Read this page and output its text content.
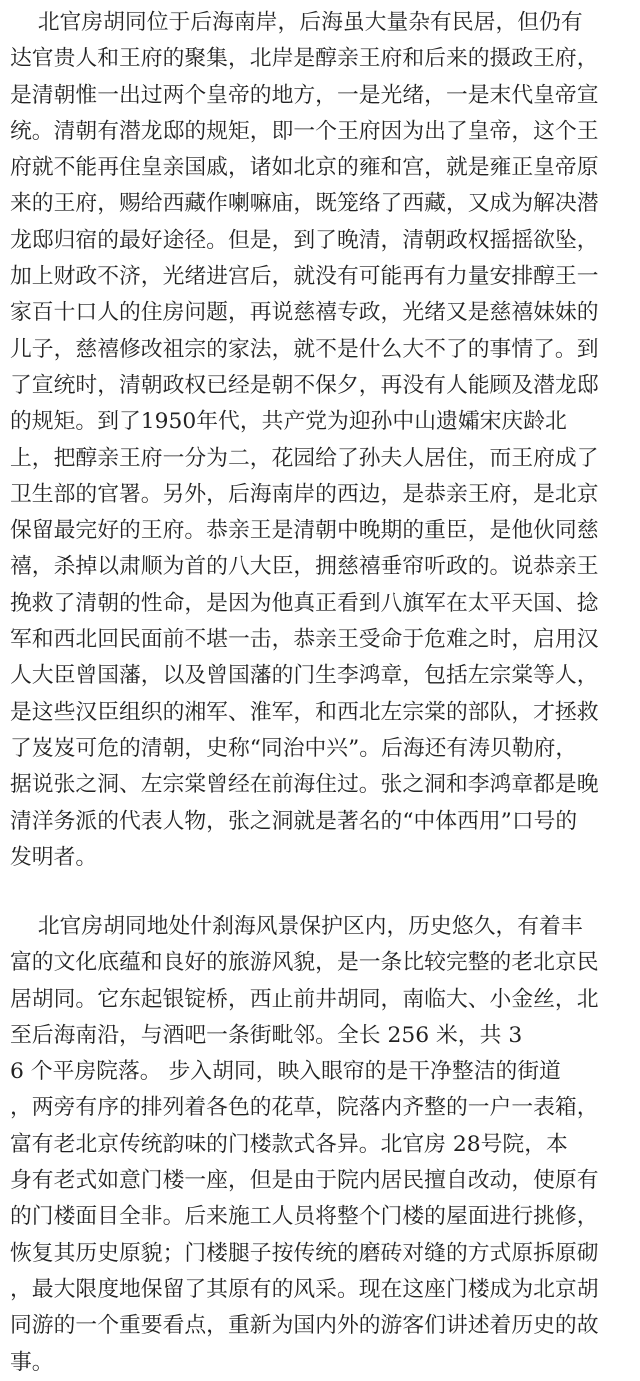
北官房胡同位于后海南岸，后海虽大量杂有民居，但仍有
达官贵人和王府的聚集，北岸是醇亲王府和后来的摄政王府，
是清朝惟一出过两个皇帝的地方，一是光绪，一是末代皇帝宣
统。清朝有潜龙邸的规矩，即一个王府因为出了皇帝，这个王
府就不能再住皇亲国戚，诸如北京的雍和宫，就是雍正皇帝原
来的王府，赐给西藏作喇嘛庙，既笼络了西藏，又成为解决潜
龙邸归宿的最好途径。但是，到了晚清，清朝政权摇摇欲坠，
加上财政不济，光绪进宫后，就没有可能再有力量安排醇王一
家百十口人的住房问题，再说慈禧专政，光绪又是慈禧妹妹的
儿子，慈禧修改祖宗的家法，就不是什么大不了的事情了。到
了宣统时，清朝政权已经是朝不保夕，再没有人能顾及潜龙邸
的规矩。到了1950年代，共产党为迎孙中山遗孀宋庆龄北
上，把醇亲王府一分为二，花园给了孙夫人居住，而王府成了
卫生部的官署。另外，后海南岸的西边，是恭亲王府，是北京
保留最完好的王府。恭亲王是清朝中晚期的重臣，是他伙同慈
禧，杀掉以肃顺为首的八大臣，拥慈禧垂帘听政的。说恭亲王
挽救了清朝的性命，是因为他真正看到八旗军在太平天国、捻
军和西北回民面前不堪一击，恭亲王受命于危难之时，启用汉
人大臣曾国藩，以及曾国藩的门生李鸿章，包括左宗棠等人，
是这些汉臣组织的湘军、淮军，和西北左宗棠的部队，才拯救
了岌岌可危的清朝，史称“同治中兴”。后海还有涛贝勒府，
据说张之洞、左宗棠曾经在前海住过。张之洞和李鸿章都是晚
清洋务派的代表人物，张之洞就是著名的“中体西用”口号的
发明者。
北官房胡同地处什刹海风景保护区内，历史悠久，有着丰
富的文化底蕴和良好的旅游风貌，是一条比较完整的老北京民
居胡同。它东起银锭桥，西止前井胡同，南临大、小金丝，北
至后海南沿，与酒吧一条街毗邻。全长 256 米，共 3
6 个平房院落。 步入胡同，映入眼帘的是干净整洁的街道
，两旁有序的排列着各色的花草，院落内齐整的一户一表箱，
富有老北京传统韵味的门楼款式各异。北官房 28号院，本
身有老式如意门楼一座，但是由于院内居民擅自改动，使原有
的门楼面目全非。后来施工人员将整个门楼的屋面进行挑修，
恢复其历史原貌；门楼腿子按传统的磨砖对缝的方式原拆原砌
，最大限度地保留了其原有的风采。现在这座门楼成为北京胡
同游的一个重要看点，重新为国内外的游客们讲述着历史的故
事。
